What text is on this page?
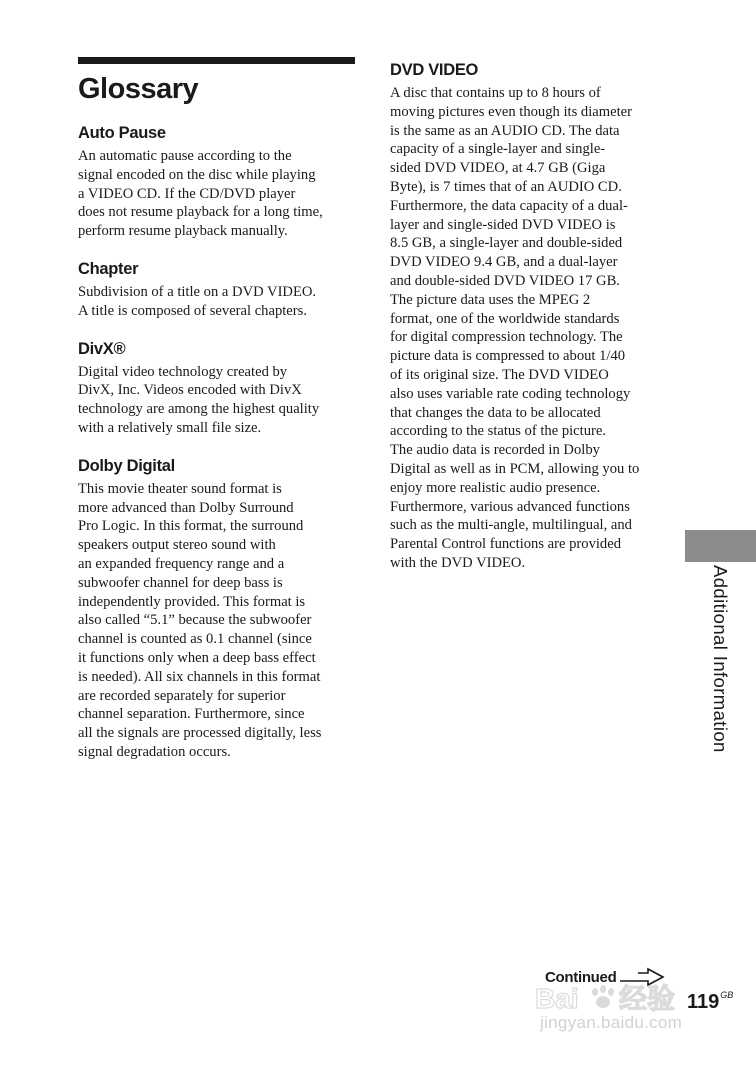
Glossary
Auto Pause

An automatic pause according to the
signal encoded on the disc while playing
a VIDEO CD. If the CD/DVD player
does not resume playback for a long time,
perform resume playback manually.

Chapter

Subdivision of a title on a DVD VIDEO.
A title is composed of several chapters.

DivX®

Digital video technology created by
DivX, Inc. Videos encoded with DivX
technology are among the highest quality
with a relatively small file size.

Dolby Digital

This movie theater sound format is
more advanced than Dolby Surround
Pro Logic. In this format, the surround
speakers output stereo sound with
an expanded frequency range and a
subwoofer channel for deep bass is
independently provided. This format is
also called “5.1” because the subwoofer
channel is counted as 0.1 channel (since
it functions only when a deep bass effect
is needed). All six channels in this format
are recorded separately for superior
channel separation. Furthermore, since
all the signals are processed digitally, less
signal degradation occurs.

DVD VIDEO

A disc that contains up to 8 hours of
moving pictures even though its diameter
is the same as an AUDIO CD. The data
capacity of a single-layer and single-
sided DVD VIDEO, at 4.7 GB (Giga
Byte), is 7 times that of an AUDIO CD.
Furthermore, the data capacity of a dual-
layer and single-sided DVD VIDEO is
8.5 GB, a single-layer and double-sided
DVD VIDEO 9.4 GB, and a dual-layer
and double-sided DVD VIDEO 17 GB.
The picture data uses the MPEG 2
format, one of the worldwide standards
for digital compression technology. The
picture data is compressed to about 1/40
of its original size. The DVD VIDEO
also uses variable rate coding technology
that changes the data to be allocated
according to the status of the picture.
The audio data is recorded in Dolby
Digital as well as in PCM, allowing you to
enjoy more realistic audio presence.
Furthermore, various advanced functions
such as the multi-angle, multilingual, and
Parental Control functions are provided
with the DVD VIDEO.

Additional Information
Continued
$119^{GB}$
Bai 经验
jingyan.baidu.com
